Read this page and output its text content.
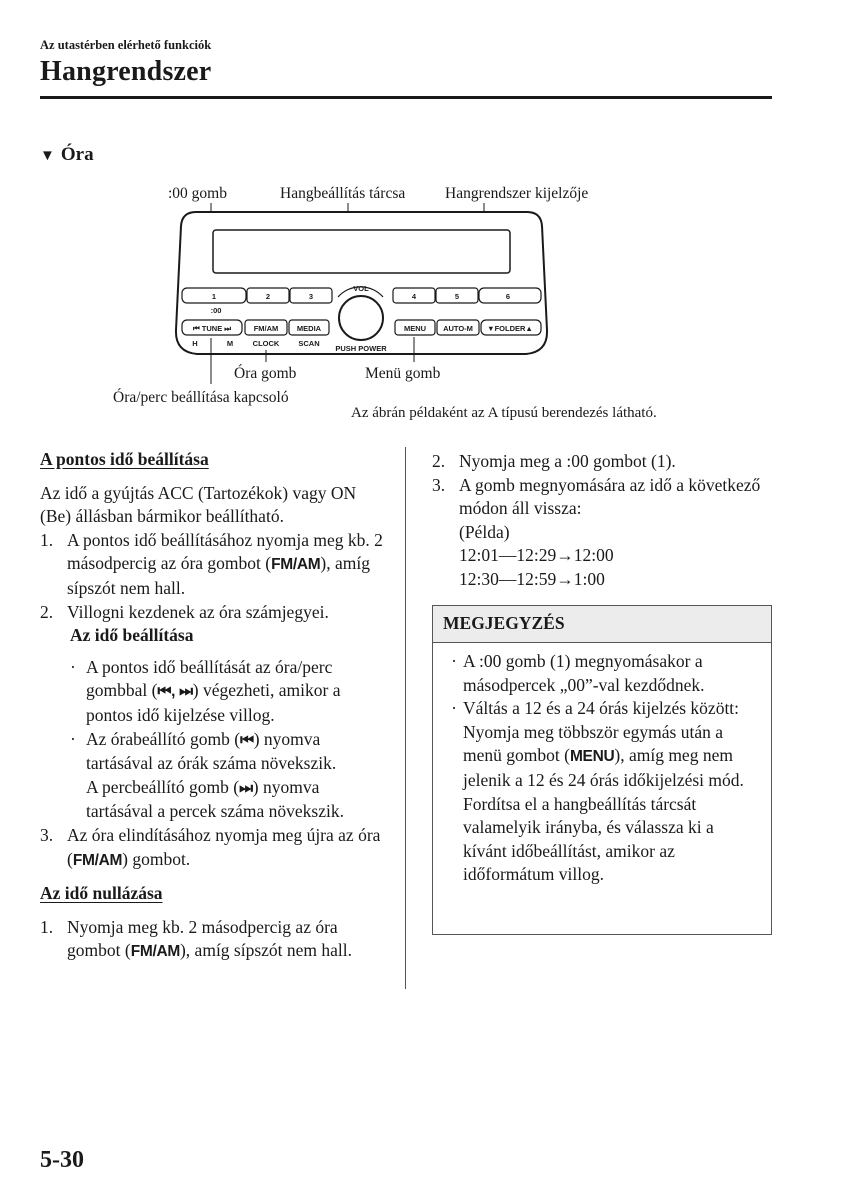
Az utastérben elérhető funkciók
Hangrendszer
▼ Óra
:00 gomb	Hangbeállítás tárcsa	Hangrendszer kijelzője
1	2	3
:00
4	5	6
VOL
PUSH POWER
⏮ TUNE ⏭	FM/AM MEDIA
H	M	CLOCK	SCAN
MENU AUTO-M ▼FOLDER▲
Óra gomb	Menü gomb
Óra/perc beállítása kapcsoló
Az ábrán példaként az A típusú berendezés látható.

A pontos idő beállítása

Az idő a gyújtás ACC (Tartozékok) vagy ON (Be) állásban bármikor beállítható.

1. A pontos idő beállításához nyomja meg kb. 2 másodpercig az óra gombot (FM/AM), amíg sípszót nem hall.
2. Villogni kezdenek az óra számjegyei.

Az idő beállítása

· A pontos idő beállítását az óra/perc gombbal (⏮, ⏭) végezheti, amikor a pontos idő kijelzése villog.
· Az órabeállító gomb (⏮) nyomva tartásával az órák száma növekszik.
A percbeállító gomb (⏭) nyomva tartásával a percek száma növekszik.
3. Az óra elindításához nyomja meg újra az óra (FM/AM) gombot.

Az idő nullázása

1. Nyomja meg kb. 2 másodpercig az óra gombot (FM/AM), amíg sípszót nem hall.
2. Nyomja meg a :00 gombot (1).
3. A gomb megnyomására az idő a következő módon áll vissza:

(Példa)

12:01―12:29→12:00

12:30―12:59→1:00

MEGJEGYZÉS
· A :00 gomb (1) megnyomásakor a másodpercek „00”-val kezdődnek.
· Váltás a 12 és a 24 órás kijelzés között:
Nyomja meg többször egymás után a menü gombot (MENU), amíg meg nem jelenik a 12 és 24 órás időkijelzési mód. Fordítsa el a hangbeállítás tárcsát valamelyik irányba, és válassza ki a kívánt időbeállítást, amikor az időformátum villog.
5-30
